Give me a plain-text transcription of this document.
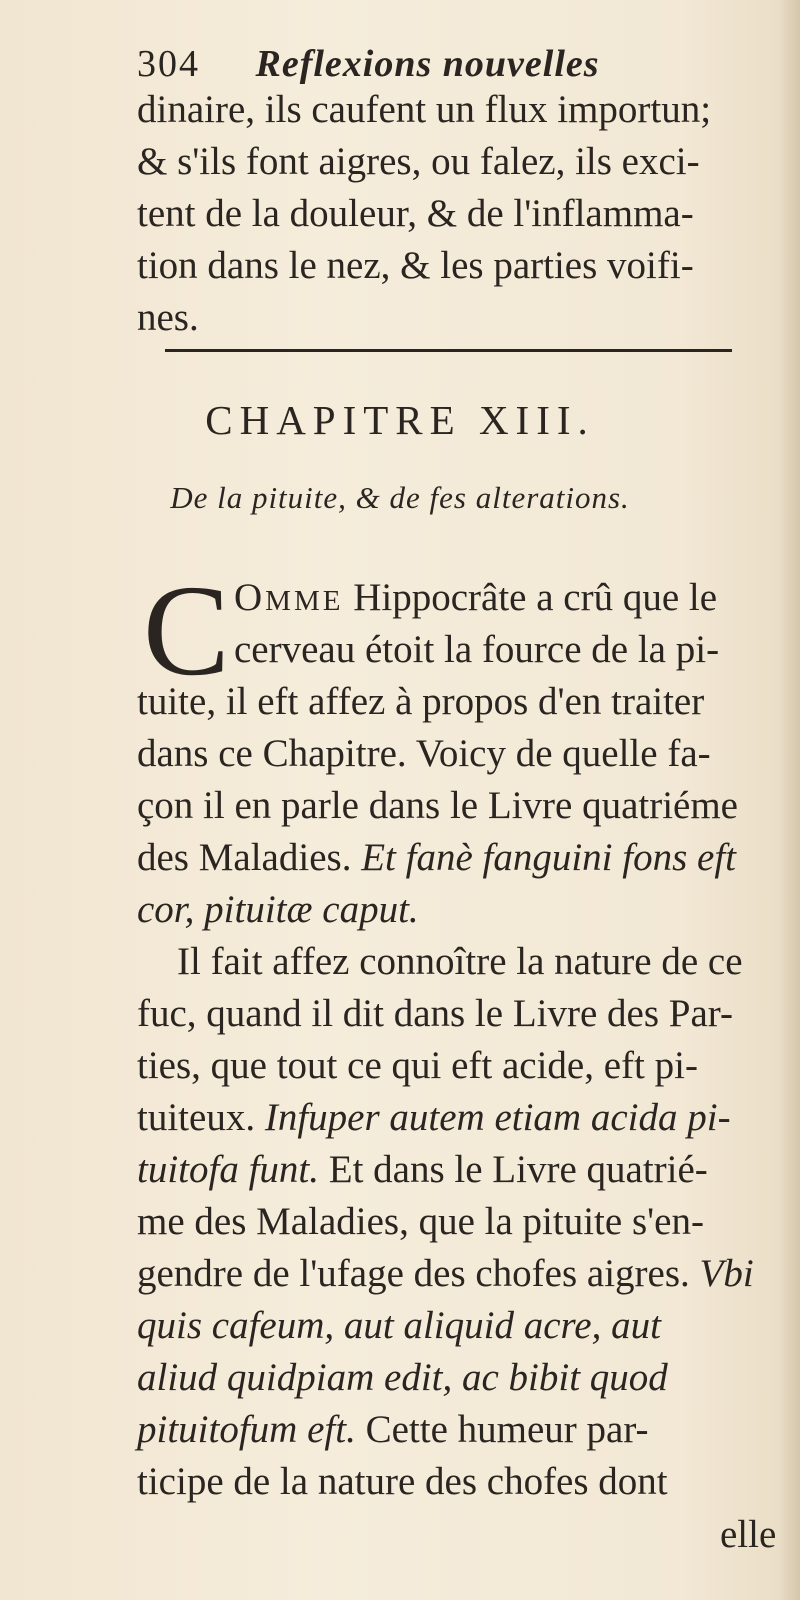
304 Reflexions nouvelles
dinaire, ils caufent un flux importun;
& s'ils font aigres, ou falez, ils exci-
tent de la douleur, & de l'inflamma-
tion dans le nez, & les parties voifi-
nes.
CHAPITRE XIII.
De la pituite, & de fes alterations.
C OMME Hippocrâte a crû que le
cerveau étoit la fource de la pi-
tuite, il eft affez à propos d'en traiter
dans ce Chapitre. Voicy de quelle fa-
çon il en parle dans le Livre quatriéme
des Maladies. Et fanè fanguini fons eft
cor, pituitæ caput.
Il fait affez connoître la nature de ce
fuc, quand il dit dans le Livre des Par-
ties, que tout ce qui eft acide, eft pi-
tuiteux. Infuper autem etiam acida pi-
tuitofa funt. Et dans le Livre quatrié-
me des Maladies, que la pituite s'en-
gendre de l'ufage des chofes aigres. Vbi
quis cafeum, aut aliquid acre, aut
aliud quidpiam edit, ac bibit quod
pituitofum eft. Cette humeur par-
ticipe de la nature des chofes dont
elle
